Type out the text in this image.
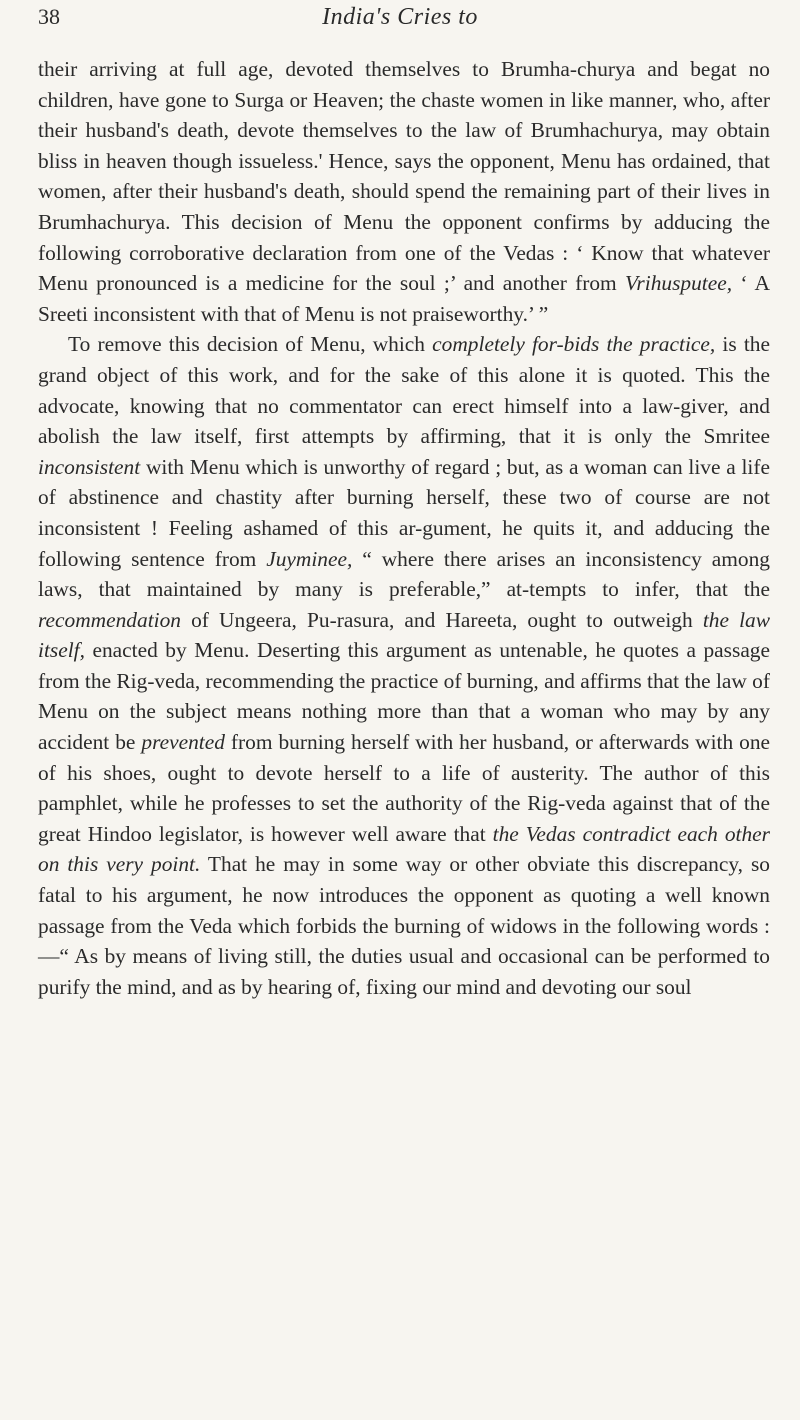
38	India's Cries to

their arriving at full age, devoted themselves to Brumha-churya and begat no children, have gone to Surga or Heaven; the chaste women in like manner, who, after their husband's death, devote themselves to the law of Brumhachurya, may obtain bliss in heaven though issueless.' Hence, says the opponent, Menu has ordained, that women, after their husband's death, should spend the remaining part of their lives in Brumhachurya. This decision of Menu the opponent confirms by adducing the following corroborative declaration from one of the Vedas : ‘ Know that whatever Menu pronounced is a medicine for the soul ;’ and another from Vrihusputee, ‘ A Sreeti inconsistent with that of Menu is not praiseworthy.’ ”

To remove this decision of Menu, which completely for-bids the practice, is the grand object of this work, and for the sake of this alone it is quoted. This the advocate, knowing that no commentator can erect himself into a law-giver, and abolish the law itself, first attempts by affirming, that it is only the Smritee inconsistent with Menu which is unworthy of regard ; but, as a woman can live a life of abstinence and chastity after burning herself, these two of course are not inconsistent ! Feeling ashamed of this ar-gument, he quits it, and adducing the following sentence from Juyminee, “ where there arises an inconsistency among laws, that maintained by many is preferable,” at-tempts to infer, that the recommendation of Ungeera, Pu-rasura, and Hareeta, ought to outweigh the law itself, enacted by Menu. Deserting this argument as untenable, he quotes a passage from the Rig-veda, recommending the practice of burning, and affirms that the law of Menu on the subject means nothing more than that a woman who may by any accident be prevented from burning herself with her husband, or afterwards with one of his shoes, ought to devote herself to a life of austerity. The author of this pamphlet, while he professes to set the authority of the Rig-veda against that of the great Hindoo legislator, is however well aware that the Vedas contradict each other on this very point. That he may in some way or other obviate this discrepancy, so fatal to his argument, he now introduces the opponent as quoting a well known passage from the Veda which forbids the burning of widows in the following words :—“ As by means of living still, the duties usual and occasional can be performed to purify the mind, and as by hearing of, fixing our mind and devoting our soul
